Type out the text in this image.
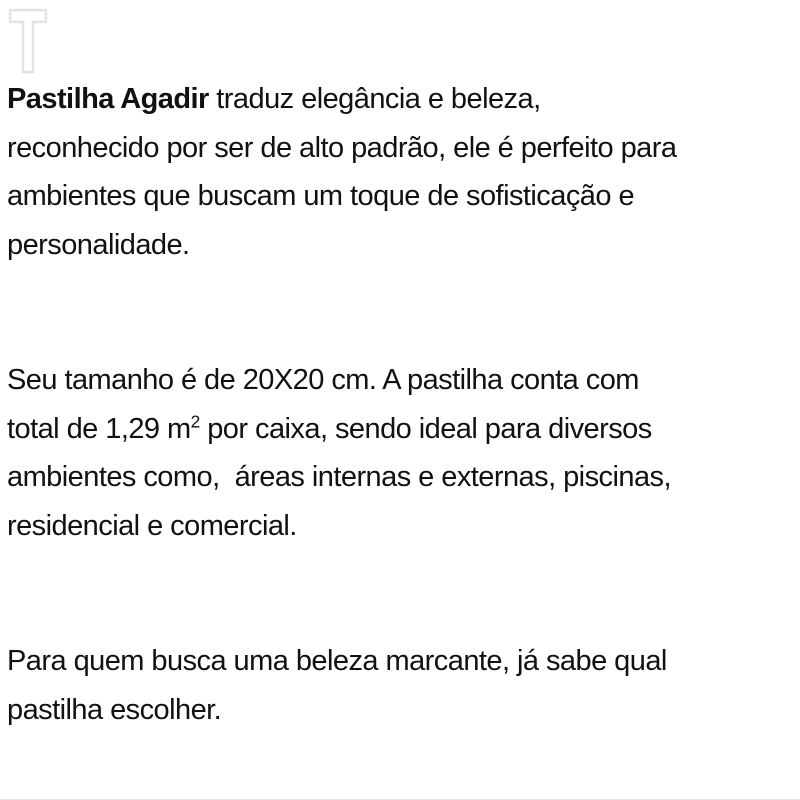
Pastilha Agadir traduz elegância e beleza,
reconhecido por ser de alto padrão, ele é perfeito para
ambientes que buscam um toque de sofisticação e
personalidade.
Seu tamanho é de 20X20 cm. A pastilha conta com
total de 1,29 $m^2$ por caixa, sendo ideal para diversos
ambientes como,  áreas internas e externas, piscinas,
residencial e comercial.
Para quem busca uma beleza marcante, já sabe qual
pastilha escolher.
